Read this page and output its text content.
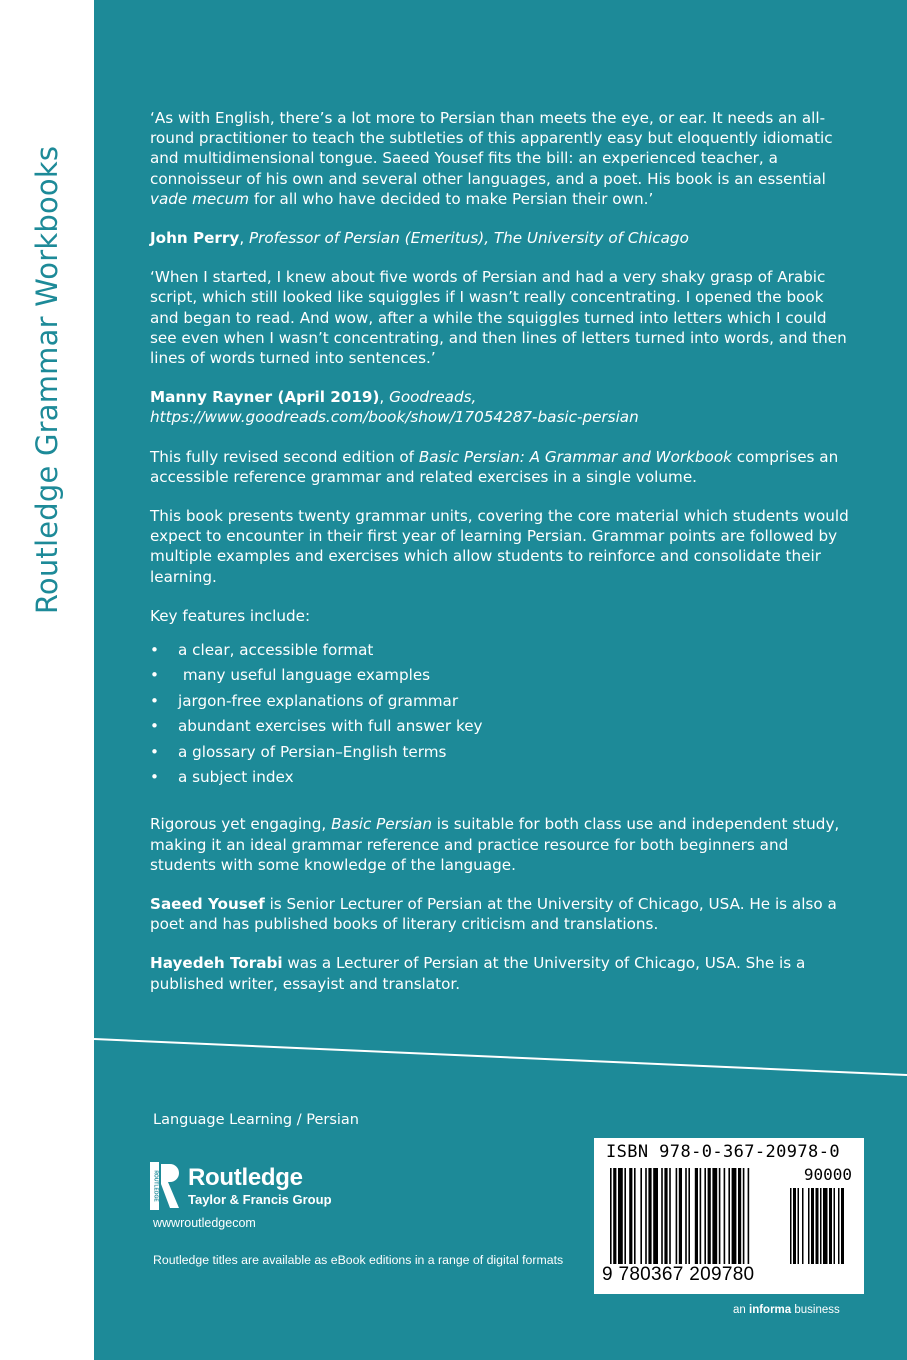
Routledge Grammar Workbooks

‘As with English, there’s a lot more to Persian than meets the eye, or ear. It needs an all-round practitioner to teach the subtleties of this apparently easy but eloquently idiomatic and multidimensional tongue. Saeed Yousef fits the bill: an experienced teacher, a connoisseur of his own and several other languages, and a poet. His book is an essential vade mecum for all who have decided to make Persian their own.’

John Perry, Professor of Persian (Emeritus), The University of Chicago

‘When I started, I knew about five words of Persian and had a very shaky grasp of Arabic script, which still looked like squiggles if I wasn’t really concentrating. I opened the book and began to read. And wow, after a while the squiggles turned into letters which I could see even when I wasn’t concentrating, and then lines of letters turned into words, and then lines of words turned into sentences.’

Manny Rayner (April 2019), Goodreads, https://www.goodreads.com/book/show/17054287-basic-persian

This fully revised second edition of Basic Persian: A Grammar and Workbook comprises an accessible reference grammar and related exercises in a single volume.

This book presents twenty grammar units, covering the core material which students would expect to encounter in their first year of learning Persian. Grammar points are followed by multiple examples and exercises which allow students to reinforce and consolidate their learning.

Key features include:

• a clear, accessible format
• many useful language examples
• jargon-free explanations of grammar
• abundant exercises with full answer key
• a glossary of Persian–English terms
• a subject index

Rigorous yet engaging, Basic Persian is suitable for both class use and independent study, making it an ideal grammar reference and practice resource for both beginners and students with some knowledge of the language.

Saeed Yousef is Senior Lecturer of Persian at the University of Chicago, USA. He is also a poet and has published books of literary criticism and translations.

Hayedeh Torabi was a Lecturer of Persian at the University of Chicago, USA. She is a published writer, essayist and translator.

Language Learning / Persian
ROUTLEDGE Routledge
Taylor & Francis Group
wwwroutledgecom
Routledge titles are available as eBook editions in a range of digital formats
ISBN 978-0-367-20978-0
90000
9 780367 209780
an informa business
